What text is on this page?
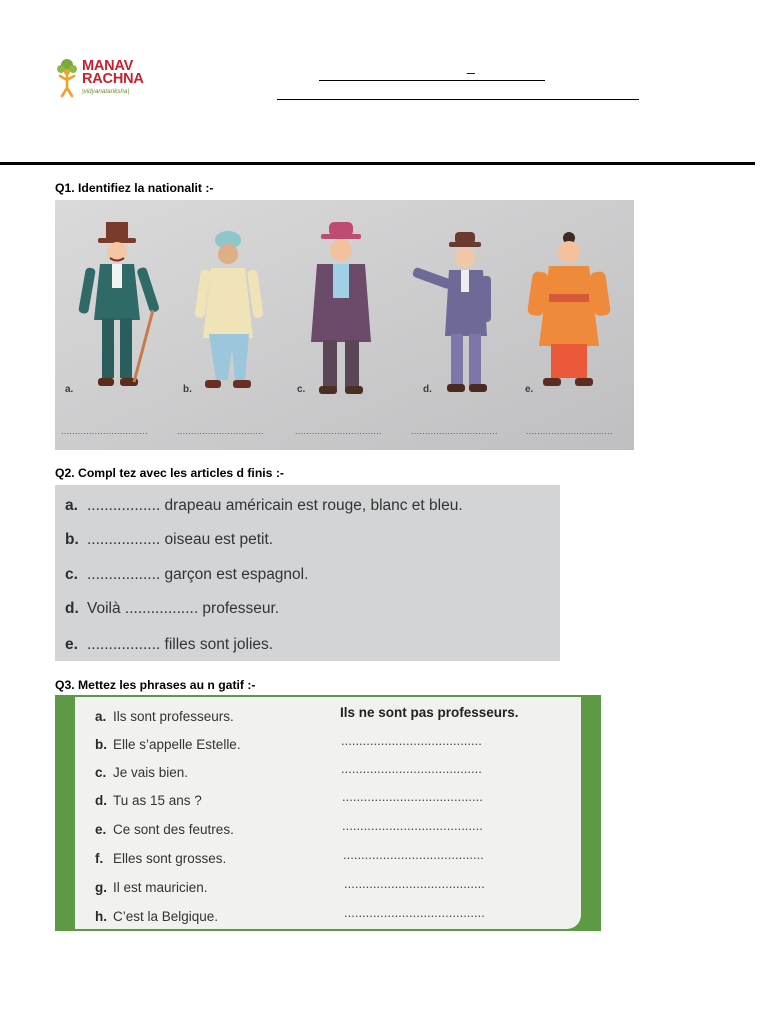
MANAV
RACHNA
|vidyanatariksha|
_
Q1. Identifiez la nationalit :-
a.	b.	c.	d.	e.
...............................	...............................	...............................	...............................	...............................
Q2. Compl tez avec les articles d finis :-
a. ................. drapeau américain est rouge, blanc et bleu.
b. ................. oiseau est petit.
c. ................. garçon est espagnol.
d. Voilà ................. professeur.
e. ................. filles sont jolies.
Q3. Mettez les phrases au n gatif :-
a. Ils sont professeurs.	Ils ne sont pas professeurs.
b. Elle s’appelle Estelle.	.......................................
c. Je vais bien.	.......................................
d. Tu as 15 ans ?	.......................................
e. Ce sont des feutres.	.......................................
f. Elles sont grosses.	.......................................
g. Il est mauricien.	.......................................
h. C’est la Belgique.	.......................................
